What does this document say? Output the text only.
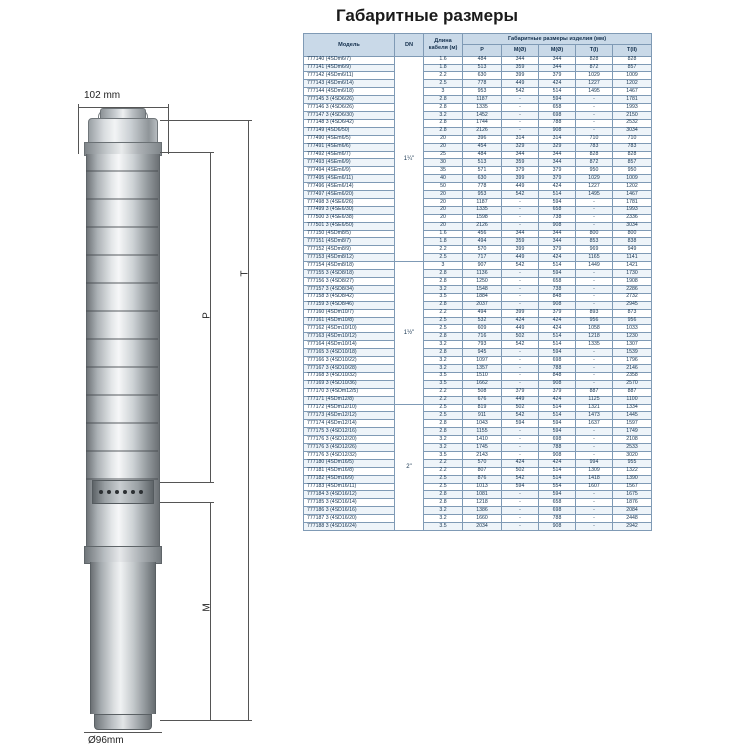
Габаритные размеры
102 mm
P
T
M
Ø96mm
Модель	DN	Длина
кабеля (м)	Габаритные размеры изделия (мм)				
			P	M(Ø)	M(Ø)	T(I)	T(II)
777140 (4SDm6/7)	1¼"	1.6	484	344	344	828	828
777141 (4SDm6/9)		1.8	513	359	344	872	857
777142 (4SDm6/11)		2.2	630	399	379	1029	1009
777143 (4SDm6/14)		2.5	778	449	424	1227	1202
777144 (4SDm6/18)		3	953	542	514	1495	1467
777145 3 (4SD6/26)		2.8	1187	-	594	-	1781
777146 3 (4SD6/26)		2.8	1335	-	658	-	1993
777147 3 (4SD6/30)		3.2	1452	-	698	-	2150
777148 3 (4SD6/42)		2.8	1744	-	788	-	2532
777149 (4SD6/50)		2.8	2126	-	908	-	3034
777490 (4SEm6/5)		20	396	314	314	710	710
777491 (4SEm6/6)		20	454	329	329	783	783
777492 (4SEm6/7)		25	484	344	344	828	828
777493 (4SEm6/9)		30	513	359	344	872	857
777494 (4SEm6/9)		35	571	379	379	950	950
777495 (4SEm6/11)		40	630	399	379	1029	1009
777496 (4SEm6/14)		50	778	449	424	1227	1202
777497 (4SEm6/20)		20	953	542	514	1495	1467
777498 3 (4SE6/26)		20	1187	-	594	-	1781
777499 3 (4SE6/30)		20	1335	-	658	-	1993
777500 3 (4SE6/38)		20	1598	-	738	-	2336
777501 3 (4SE6/50)		20	2126	-	908	-	3034
777150 (4SDm8/5)		1.6	456	344	344	800	800
777151 (4SDm8/7)		1.8	494	359	344	853	838
777152 (4SDm8/9)		2.2	570	399	379	969	949
777153 (4SDm8/12)		2.5	717	449	424	1165	1141
777154 (4SDm8/18)	1½"	3	907	542	514	1449	1421
777155 3 (4SD8/18)		2.8	1136	-	594	-	1730
777156 3 (4SD8/27)		2.8	1250	-	658	-	1908
777157 3 (4SD8/34)		3.2	1548	-	738	-	2286
777158 3 (4SD8/42)		3.5	1884	-	848	-	2732
777159 3 (4SD8/46)		2.8	2037	-	908	-	2945
777160 (4SDm10/7)		2.2	494	399	379	893	873
777161 (4SDm10/8)		2.5	532	424	424	956	956
777162 (4SDm10/10)		2.5	609	449	424	1058	1033
777163 (4SDm10/12)		2.8	716	502	514	1218	1230
777164 (4SDm10/14)		3.2	793	542	514	1335	1307
777165 3 (4SD10/18)		2.8	945	-	594	-	1539
777166 3 (4SD10/22)		3.2	1097	-	698	-	1796
777167 3 (4SD10/28)		3.2	1357	-	788	-	2146
777168 3 (4SD10/32)		3.5	1510	-	848	-	2358
777169 3 (4SD10/36)		3.5	1662	-	908	-	2570
777170 3 (4SDm12/5)		2.2	508	379	379	887	887
777171 (4SDm12/8)		2.2	676	449	424	1125	1100
777172 (4SDm12/10)	2"	2.5	819	502	514	1321	1334
777173 (4SDm12/12)		2.5	911	542	514	1473	1445
777174 (4SDm12/14)		2.8	1043	594	594	1637	1597
777175 3 (4SD12/16)		2.8	1155	-	594	-	1749
777176 3 (4SD12/20)		3.2	1410	-	698	-	2108
777176 3 (4SD12/26)		3.2	1745	-	788	-	2533
777176 3 (4SD12/32)		3.5	2143	-	908	-	3020
777180 (4SDm16/5)		2.2	570	424	424	994	955
777181 (4SDm16/8)		2.2	807	502	514	1309	1322
777182 (4SDm16/9)		2.5	876	542	514	1418	1390
777183 (4SDm16/11)		2.5	1013	594	554	1607	1567
777184 3 (4SD16/12)		2.8	1081	-	594	-	1675
777185 3 (4SD16/14)		2.8	1218	-	658	-	1876
777186 3 (4SD16/16)		3.2	1386	-	698	-	2084
777187 3 (4SD16/20)		3.2	1660	-	788	-	2448
777188 3 (4SD16/24)		3.5	2034	-	908	-	2942
